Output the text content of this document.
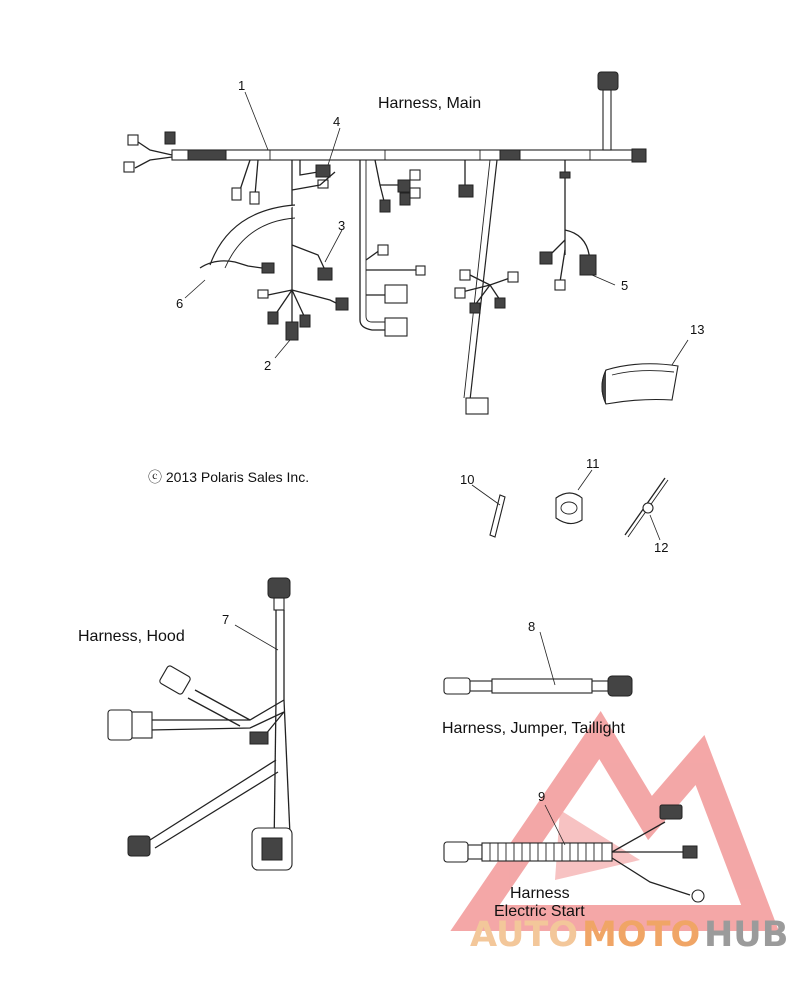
Harness, Main
Harness, Hood
Harness, Jumper, Taillight
Harness
Electric Start
ⓒ 2013 Polaris Sales Inc.
1
2
3
4
5
6
7	8
9
10
11
12
13
AUTO MOTO HUB
